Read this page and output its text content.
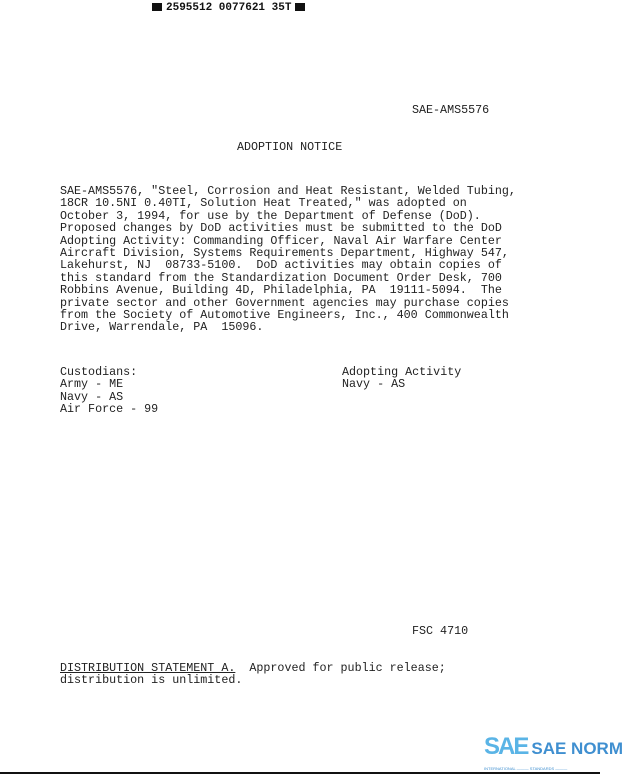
2595512 0077621 35T
SAE-AMS5576
ADOPTION NOTICE
SAE-AMS5576, "Steel, Corrosion and Heat Resistant, Welded Tubing,
18CR 10.5NI 0.40TI, Solution Heat Treated," was adopted on
October 3, 1994, for use by the Department of Defense (DoD).
Proposed changes by DoD activities must be submitted to the DoD
Adopting Activity: Commanding Officer, Naval Air Warfare Center
Aircraft Division, Systems Requirements Department, Highway 547,
Lakehurst, NJ  08733-5100.  DoD activities may obtain copies of
this standard from the Standardization Document Order Desk, 700
Robbins Avenue, Building 4D, Philadelphia, PA  19111-5094.  The
private sector and other Government agencies may purchase copies
from the Society of Automotive Engineers, Inc., 400 Commonwealth
Drive, Warrendale, PA  15096.
Custodians:
Army - ME
Navy - AS
Air Force - 99
Adopting Activity
Navy - AS
FSC 4710
DISTRIBUTION STATEMENT A.  Approved for public release;
distribution is unlimited.
SAE SAE NORM
INTERNATIONAL ——— STANDARDS ———
